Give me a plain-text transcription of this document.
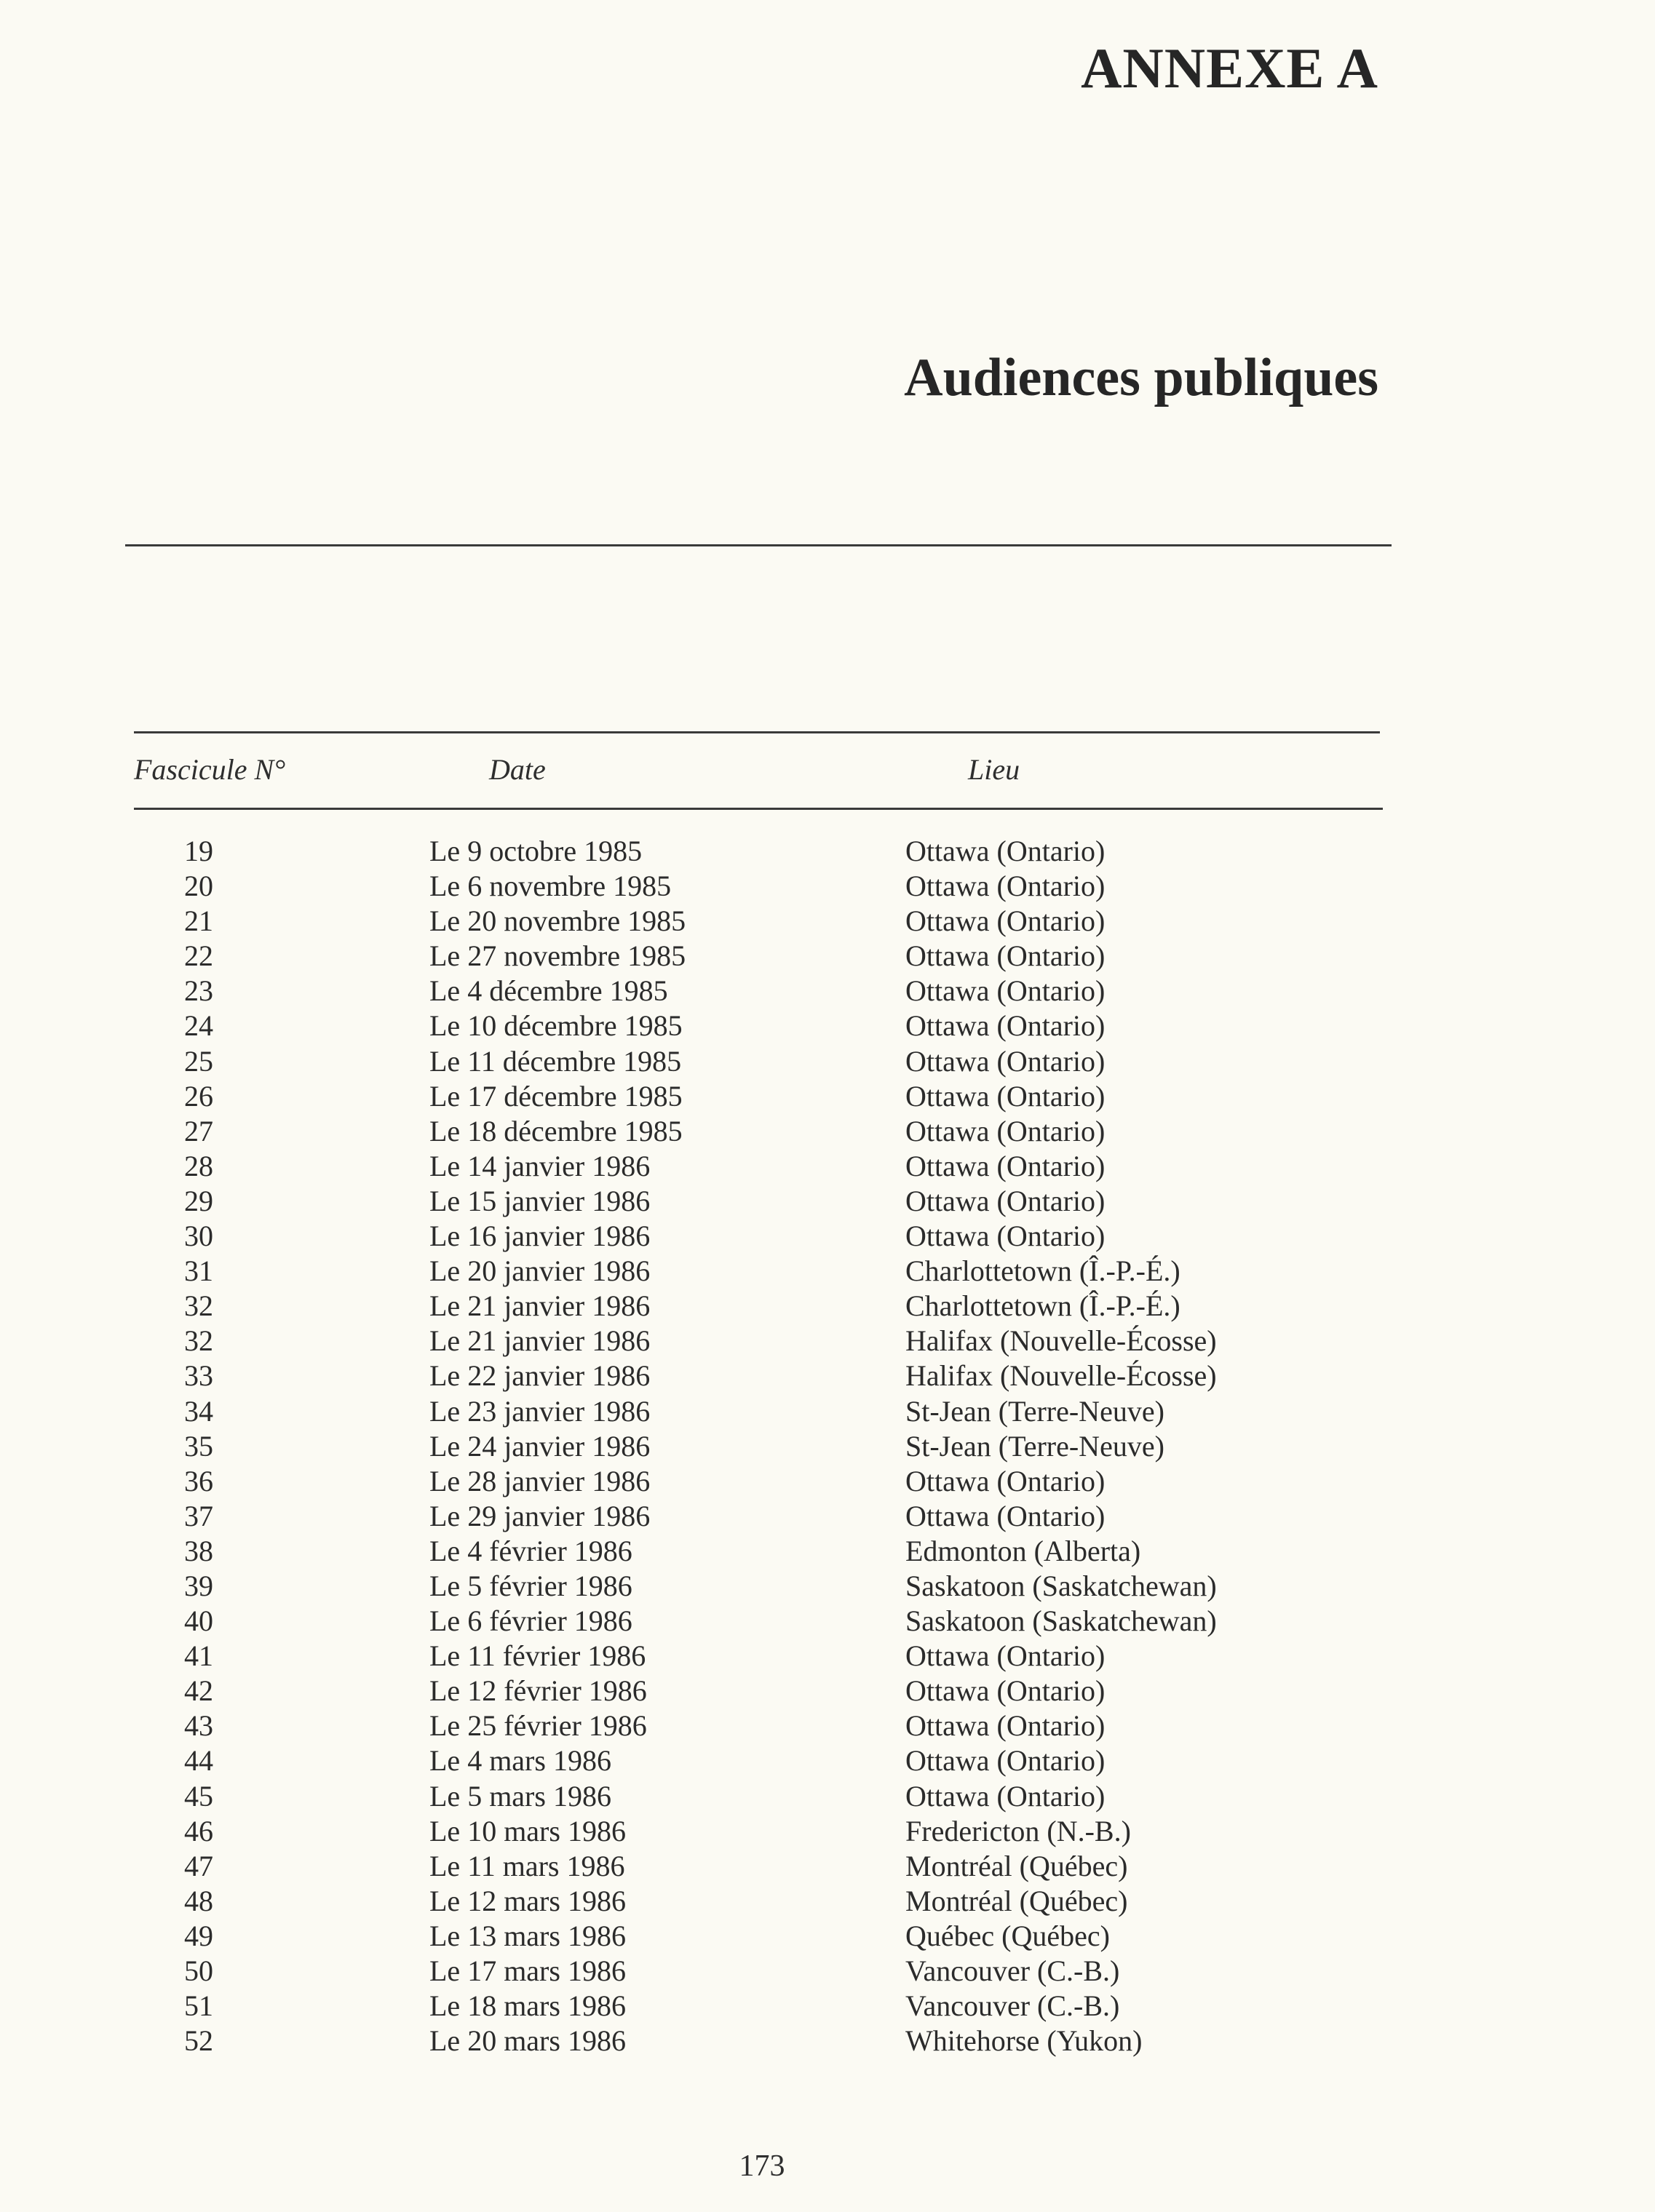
ANNEXE A
Audiences publiques
Fascicule N°	Date	Lieu
19	Le 9 octobre 1985	Ottawa (Ontario)
20	Le 6 novembre 1985	Ottawa (Ontario)
21	Le 20 novembre 1985	Ottawa (Ontario)
22	Le 27 novembre 1985	Ottawa (Ontario)
23	Le 4 décembre 1985	Ottawa (Ontario)
24	Le 10 décembre 1985	Ottawa (Ontario)
25	Le 11 décembre 1985	Ottawa (Ontario)
26	Le 17 décembre 1985	Ottawa (Ontario)
27	Le 18 décembre 1985	Ottawa (Ontario)
28	Le 14 janvier 1986	Ottawa (Ontario)
29	Le 15 janvier 1986	Ottawa (Ontario)
30	Le 16 janvier 1986	Ottawa (Ontario)
31	Le 20 janvier 1986	Charlottetown (Î.-P.-É.)
32	Le 21 janvier 1986	Charlottetown (Î.-P.-É.)
32	Le 21 janvier 1986	Halifax (Nouvelle-Écosse)
33	Le 22 janvier 1986	Halifax (Nouvelle-Écosse)
34	Le 23 janvier 1986	St-Jean (Terre-Neuve)
35	Le 24 janvier 1986	St-Jean (Terre-Neuve)
36	Le 28 janvier 1986	Ottawa (Ontario)
37	Le 29 janvier 1986	Ottawa (Ontario)
38	Le 4 février 1986	Edmonton (Alberta)
39	Le 5 février 1986	Saskatoon (Saskatchewan)
40	Le 6 février 1986	Saskatoon (Saskatchewan)
41	Le 11 février 1986	Ottawa (Ontario)
42	Le 12 février 1986	Ottawa (Ontario)
43	Le 25 février 1986	Ottawa (Ontario)
44	Le 4 mars 1986	Ottawa (Ontario)
45	Le 5 mars 1986	Ottawa (Ontario)
46	Le 10 mars 1986	Fredericton (N.-B.)
47	Le 11 mars 1986	Montréal (Québec)
48	Le 12 mars 1986	Montréal (Québec)
49	Le 13 mars 1986	Québec (Québec)
50	Le 17 mars 1986	Vancouver (C.-B.)
51	Le 18 mars 1986	Vancouver (C.-B.)
52	Le 20 mars 1986	Whitehorse (Yukon)
173
